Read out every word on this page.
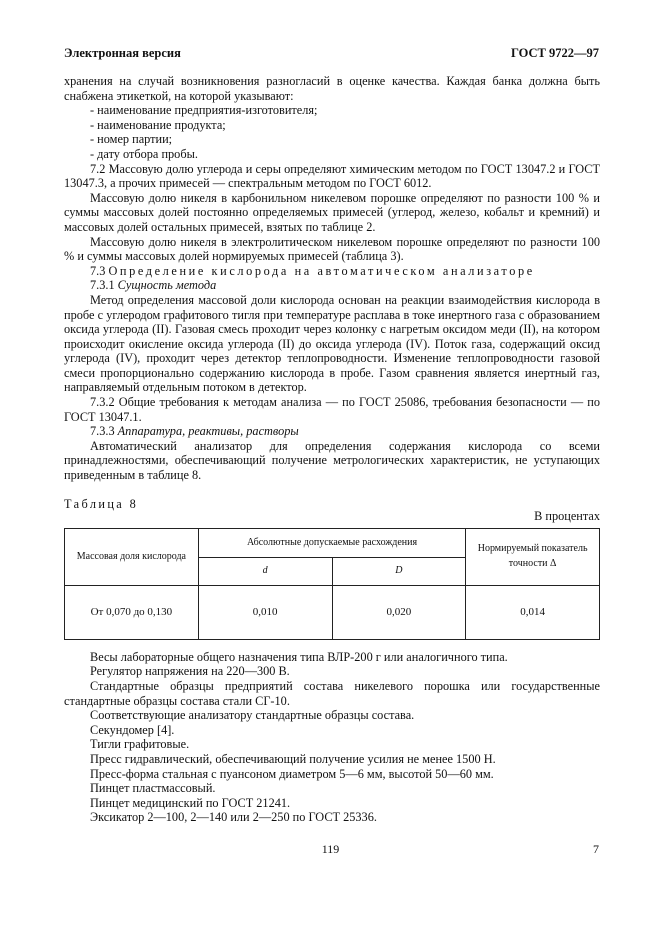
Электронная версия	ГОСТ 9722—97

хранения на случай возникновения разногласий в оценке качества. Каждая банка должна быть снабжена этикеткой, на которой указывают:

- наименование предприятия-изготовителя;

- наименование продукта;

- номер партии;

- дату отбора пробы.

7.2 Массовую долю углерода и серы определяют химическим методом по ГОСТ 13047.2 и ГОСТ 13047.3, а прочих примесей — спектральным методом по ГОСТ 6012.

Массовую долю никеля в карбонильном никелевом порошке определяют по разности 100 % и суммы массовых долей постоянно определяемых примесей (углерод, железо, кобальт и кремний) и массовых долей остальных примесей, взятых по таблице 2.

Массовую долю никеля в электролитическом никелевом порошке определяют по разности 100 % и суммы массовых долей нормируемых примесей (таблица 3).

7.3 Определение кислорода на автоматическом анализаторе

7.3.1 Сущность метода

Метод определения массовой доли кислорода основан на реакции взаимодействия кислорода в пробе с углеродом графитового тигля при температуре расплава в токе инертного газа с образованием оксида углерода (II). Газовая смесь проходит через колонку с нагретым оксидом меди (II), на котором происходит окисление оксида углерода (II) до оксида углерода (IV). Поток газа, содержащий оксид углерода (IV), проходит через детектор теплопроводности. Изменение теплопроводности газовой смеси пропорционально содержанию кислорода в пробе. Газом сравнения является инертный газ, направляемый отдельным потоком в детектор.

7.3.2 Общие требования к методам анализа — по ГОСТ 25086, требования безопасности — по ГОСТ 13047.1.

7.3.3 Аппаратура, реактивы, растворы

Автоматический анализатор для определения содержания кислорода со всеми принадлежностями, обеспечивающий получение метрологических характеристик, не уступающих приведенным в таблице 8.

Таблица 8
В процентах
Массовая доля кислорода	Абсолютные допускаемые расхождения		Нормируемый показатель точности Δ
	d	D	
От 0,070 до 0,130	0,010	0,020	0,014

Весы лабораторные общего назначения типа ВЛР-200 г или аналогичного типа.

Регулятор напряжения на 220—300 В.

Стандартные образцы предприятий состава никелевого порошка или государственные стандартные образцы состава стали СГ-10.

Соответствующие анализатору стандартные образцы состава.

Секундомер [4].

Тигли графитовые.

Пресс гидравлический, обеспечивающий получение усилия не менее 1500 Н.

Пресс-форма стальная с пуансоном диаметром 5—6 мм, высотой 50—60 мм.

Пинцет пластмассовый.

Пинцет медицинский по ГОСТ 21241.

Эксикатор 2—100, 2—140 или 2—250 по ГОСТ 25336.

119	7
